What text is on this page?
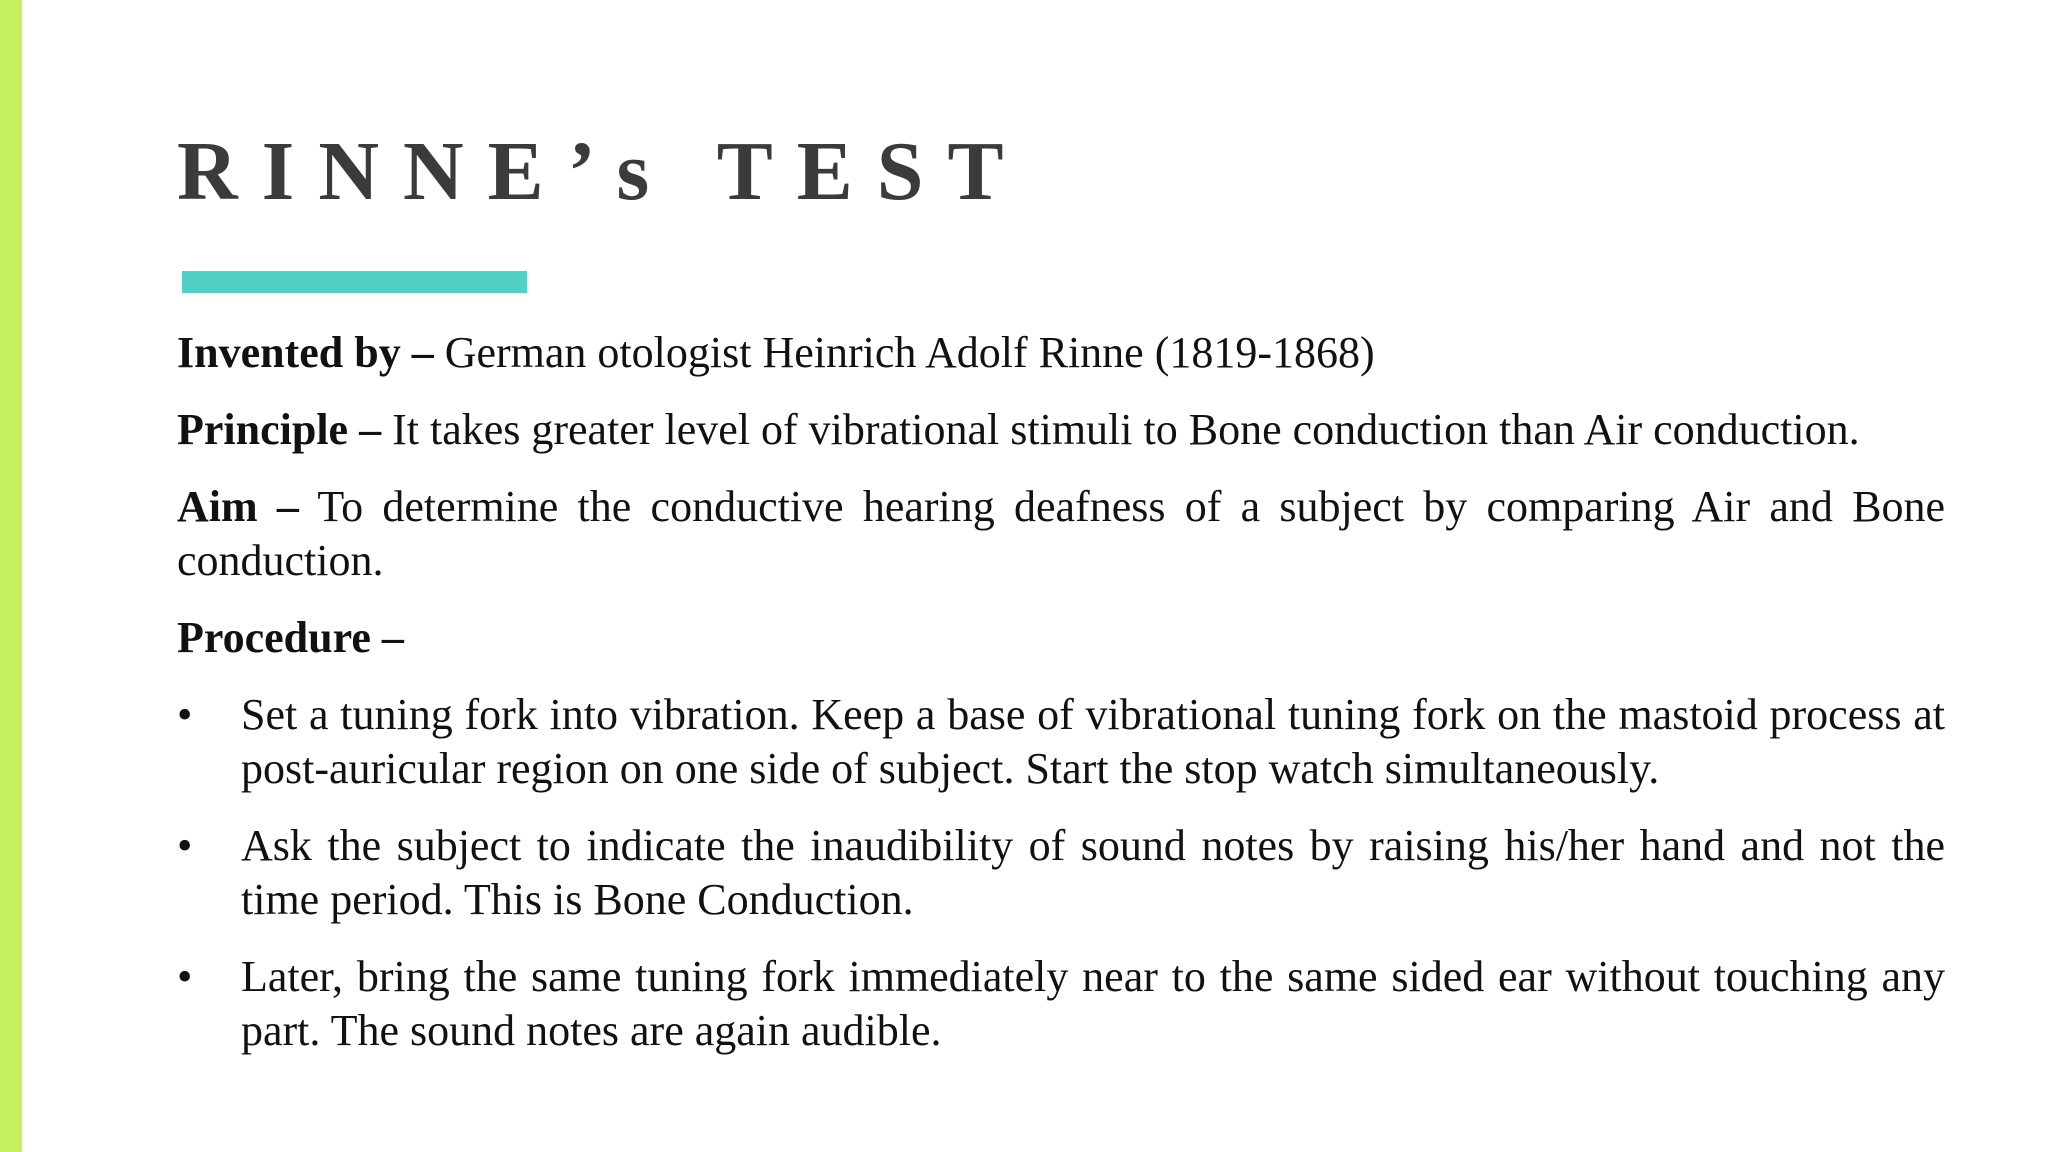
RINNE’s TEST

Invented by – German otologist Heinrich Adolf Rinne (1819-1868)

Principle – It takes greater level of vibrational stimuli to Bone conduction than Air conduction.

Aim – To determine the conductive hearing deafness of a subject by comparing Air and Bone conduction.

Procedure –

•	Set a tuning fork into vibration. Keep a base of vibrational tuning fork on the mastoid process at post-auricular region on one side of subject. Start the stop watch simultaneously.
•	Ask the subject to indicate the inaudibility of sound notes by raising his/her hand and not the time period. This is Bone Conduction.
•	Later, bring the same tuning fork immediately near to the same sided ear without touching any part. The sound notes are again audible.
